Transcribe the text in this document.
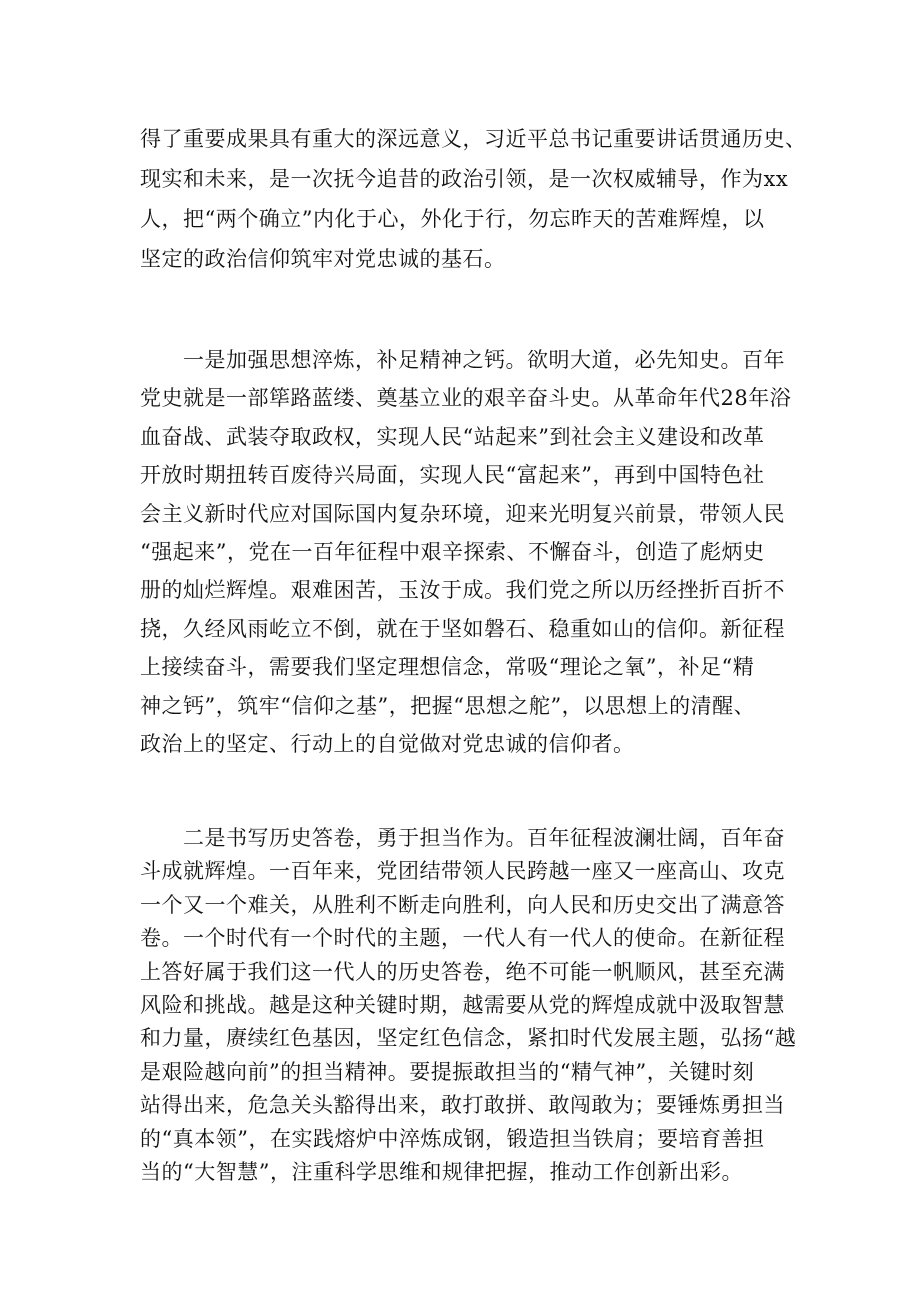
得了重要成果具有重大的深远意义，习近平总书记重要讲话贯通历史、
现实和未来，是一次抚今追昔的政治引领，是一次权威辅导，作为xx
人，把“两个确立”内化于心，外化于行，勿忘昨天的苦难辉煌，以
坚定的政治信仰筑牢对党忠诚的基石。
　　一是加强思想淬炼，补足精神之钙。欲明大道，必先知史。百年
党史就是一部筚路蓝缕、奠基立业的艰辛奋斗史。从革命年代28年浴
血奋战、武装夺取政权，实现人民“站起来”到社会主义建设和改革
开放时期扭转百废待兴局面，实现人民“富起来”，再到中国特色社
会主义新时代应对国际国内复杂环境，迎来光明复兴前景，带领人民
“强起来”，党在一百年征程中艰辛探索、不懈奋斗，创造了彪炳史
册的灿烂辉煌。艰难困苦，玉汝于成。我们党之所以历经挫折百折不
挠，久经风雨屹立不倒，就在于坚如磐石、稳重如山的信仰。新征程
上接续奋斗，需要我们坚定理想信念，常吸“理论之氧”，补足“精
神之钙”，筑牢“信仰之基”，把握“思想之舵”，以思想上的清醒、
政治上的坚定、行动上的自觉做对党忠诚的信仰者。
　　二是书写历史答卷，勇于担当作为。百年征程波澜壮阔，百年奋
斗成就辉煌。一百年来，党团结带领人民跨越一座又一座高山、攻克
一个又一个难关，从胜利不断走向胜利，向人民和历史交出了满意答
卷。一个时代有一个时代的主题，一代人有一代人的使命。在新征程
上答好属于我们这一代人的历史答卷，绝不可能一帆顺风，甚至充满
风险和挑战。越是这种关键时期，越需要从党的辉煌成就中汲取智慧
和力量，赓续红色基因，坚定红色信念，紧扣时代发展主题，弘扬“越
是艰险越向前”的担当精神。要提振敢担当的“精气神”，关键时刻
站得出来，危急关头豁得出来，敢打敢拼、敢闯敢为；要锤炼勇担当
的“真本领”，在实践熔炉中淬炼成钢，锻造担当铁肩；要培育善担
当的“大智慧”，注重科学思维和规律把握，推动工作创新出彩。
